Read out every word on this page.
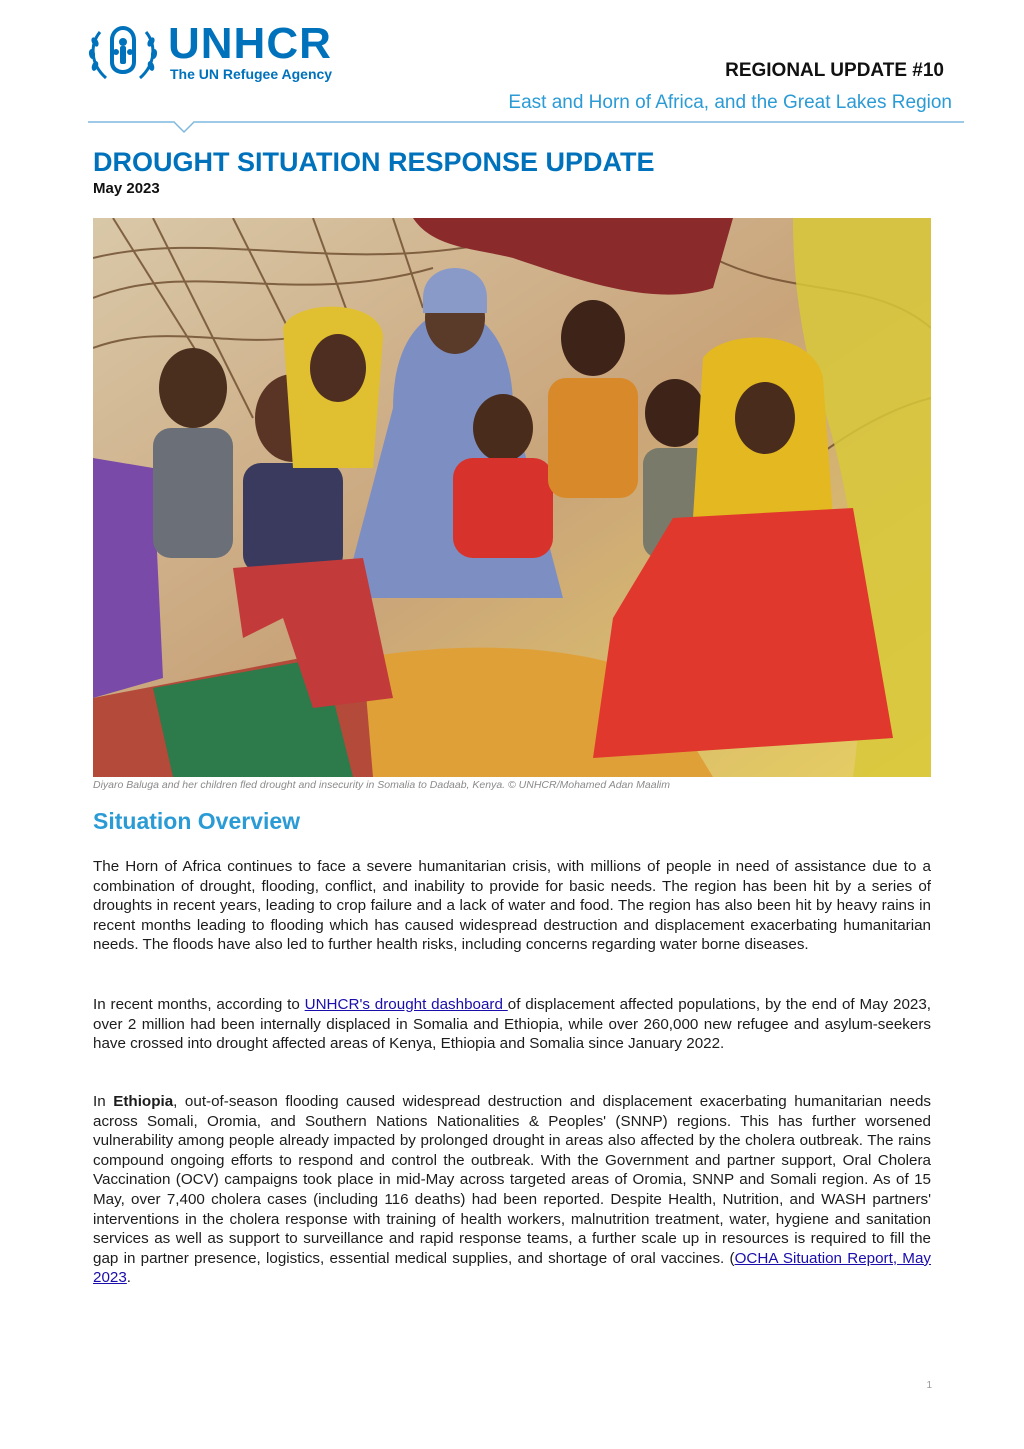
UNHCR
The UN Refugee Agency	REGIONAL UPDATE #10
East and Horn of Africa, and the Great Lakes Region
DROUGHT SITUATION RESPONSE UPDATE
May 2023
Diyaro Baluga and her children fled drought and insecurity in Somalia to Dadaab, Kenya. © UNHCR/Mohamed Adan Maalim
Situation Overview

The Horn of Africa continues to face a severe humanitarian crisis, with millions of people in need of assistance due to a combination of drought, flooding, conflict, and inability to provide for basic needs. The region has been hit by a series of droughts in recent years, leading to crop failure and a lack of water and food. The region has also been hit by heavy rains in recent months leading to flooding which has caused widespread destruction and displacement exacerbating humanitarian needs. The floods have also led to further health risks, including concerns regarding water borne diseases.

In recent months, according to UNHCR's drought dashboard of displacement affected populations, by the end of May 2023, over 2 million had been internally displaced in Somalia and Ethiopia, while over 260,000 new refugee and asylum-seekers have crossed into drought affected areas of Kenya, Ethiopia and Somalia since January 2022.

In Ethiopia, out-of-season flooding caused widespread destruction and displacement exacerbating humanitarian needs across Somali, Oromia, and Southern Nations Nationalities & Peoples' (SNNP) regions. This has further worsened vulnerability among people already impacted by prolonged drought in areas also affected by the cholera outbreak. The rains compound ongoing efforts to respond and control the outbreak. With the Government and partner support, Oral Cholera Vaccination (OCV) campaigns took place in mid-May across targeted areas of Oromia, SNNP and Somali region. As of 15 May, over 7,400 cholera cases (including 116 deaths) had been reported. Despite Health, Nutrition, and WASH partners' interventions in the cholera response with training of health workers, malnutrition treatment, water, hygiene and sanitation services as well as support to surveillance and rapid response teams, a further scale up in resources is required to fill the gap in partner presence, logistics, essential medical supplies, and shortage of oral vaccines. (OCHA Situation Report, May 2023.

1
